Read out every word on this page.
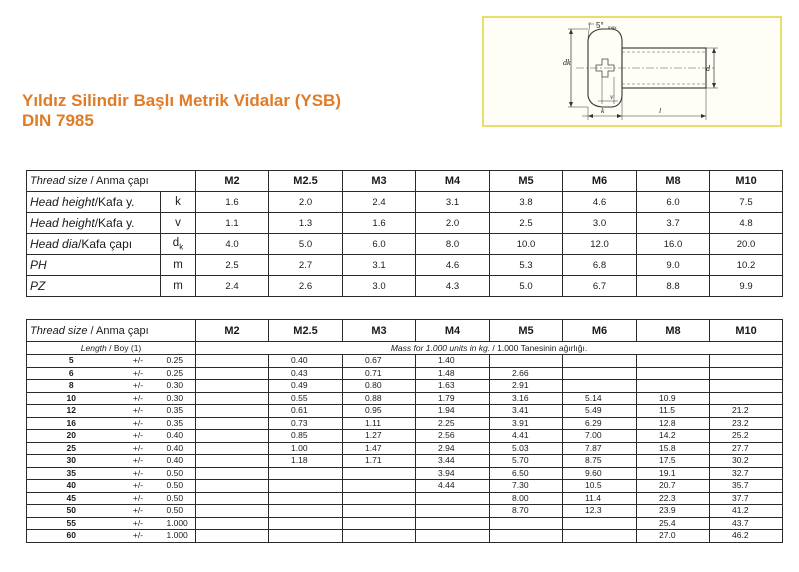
Yıldız Silindir Başlı Metrik Vidalar (YSB)
DIN 7985
dk
d
5° max
v
k	l
Thread size / Anma çapı		M2	M2.5	M3	M4	M5	M6	M8	M10
Head height/Kafa y.	k	1.6	2.0	2.4	3.1	3.8	4.6	6.0	7.5
Head height/Kafa y.	v	1.1	1.3	1.6	2.0	2.5	3.0	3.7	4.8
Head dia/Kafa çapı	$d_k$	4.0	5.0	6.0	8.0	10.0	12.0	16.0	20.0
PH	m	2.5	2.7	3.1	4.6	5.3	6.8	9.0	10.2
PZ	m	2.4	2.6	3.0	4.3	5.0	6.7	8.8	9.9
Thread size / Anma çapı			M2	M2.5	M3	M4	M5	M6	M8	M10
Length / Boy (1)			Mass for 1.000 units in kg. / 1.000 Tanesinin ağırlığı.							
5	+/-	0.25		0.40	0.67	1.40				
6	+/-	0.25		0.43	0.71	1.48	2.66			
8	+/-	0.30		0.49	0.80	1.63	2.91			
10	+/-	0.30		0.55	0.88	1.79	3.16	5.14	10.9	
12	+/-	0.35		0.61	0.95	1.94	3.41	5.49	11.5	21.2
16	+/-	0.35		0.73	1.11	2.25	3.91	6.29	12.8	23.2
20	+/-	0.40		0.85	1.27	2.56	4.41	7.00	14.2	25.2
25	+/-	0.40		1.00	1.47	2.94	5.03	7.87	15.8	27.7
30	+/-	0.40		1.18	1.71	3.44	5.70	8.75	17.5	30.2
35	+/-	0.50				3.94	6.50	9.60	19.1	32.7
40	+/-	0.50				4.44	7.30	10.5	20.7	35.7
45	+/-	0.50					8.00	11.4	22.3	37.7
50	+/-	0.50					8.70	12.3	23.9	41.2
55	+/-	1.000							25.4	43.7
60	+/-	1.000							27.0	46.2
